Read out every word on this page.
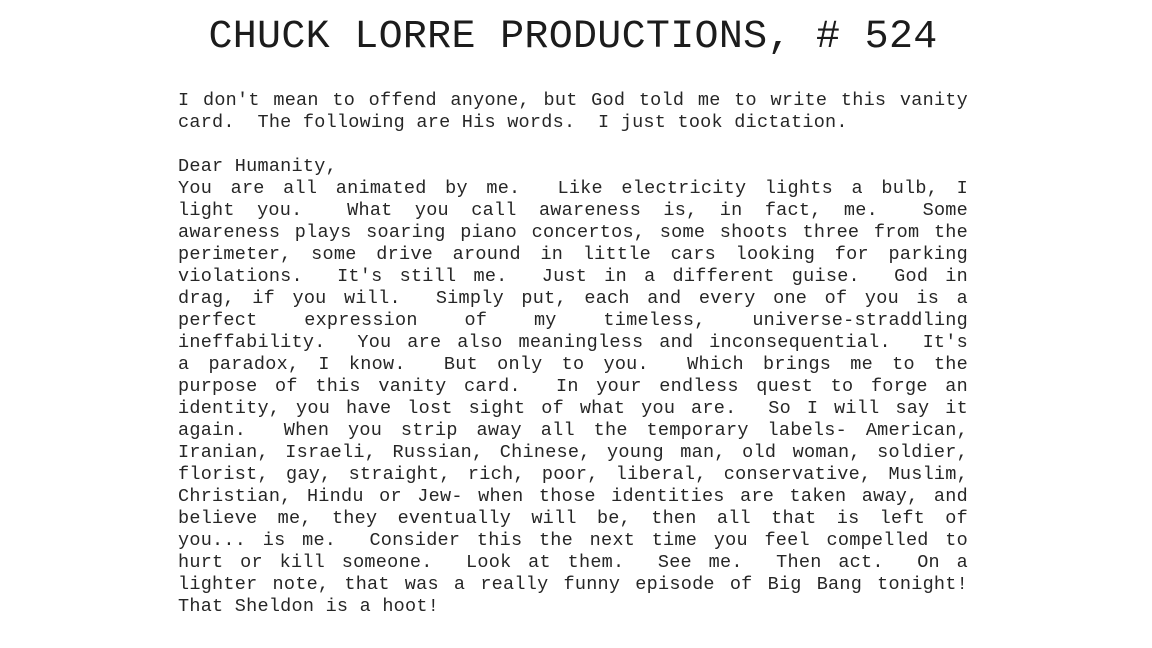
CHUCK LORRE PRODUCTIONS, # 524
I don't mean to offend anyone, but God told me to write this vanity
card.  The following are His words.  I just took dictation.

Dear Humanity,
You are all animated by me.  Like electricity lights a bulb, I
light you.  What you call awareness is, in fact, me.  Some
awareness plays soaring piano concertos, some shoots three from the
perimeter, some drive around in little cars looking for parking
violations.  It's still me.  Just in a different guise.  God in
drag, if you will.  Simply put, each and every one of you is a
perfect expression of my timeless, universe-straddling
ineffability.  You are also meaningless and inconsequential.  It's
a paradox, I know.  But only to you.  Which brings me to the
purpose of this vanity card.  In your endless quest to forge an
identity, you have lost sight of what you are.  So I will say it
again.  When you strip away all the temporary labels- American,
Iranian, Israeli, Russian, Chinese, young man, old woman, soldier,
florist, gay, straight, rich, poor, liberal, conservative, Muslim,
Christian, Hindu or Jew- when those identities are taken away, and
believe me, they eventually will be, then all that is left of
you... is me.  Consider this the next time you feel compelled to
hurt or kill someone.  Look at them.  See me.  Then act.  On a
lighter note, that was a really funny episode of Big Bang tonight!
That Sheldon is a hoot!
